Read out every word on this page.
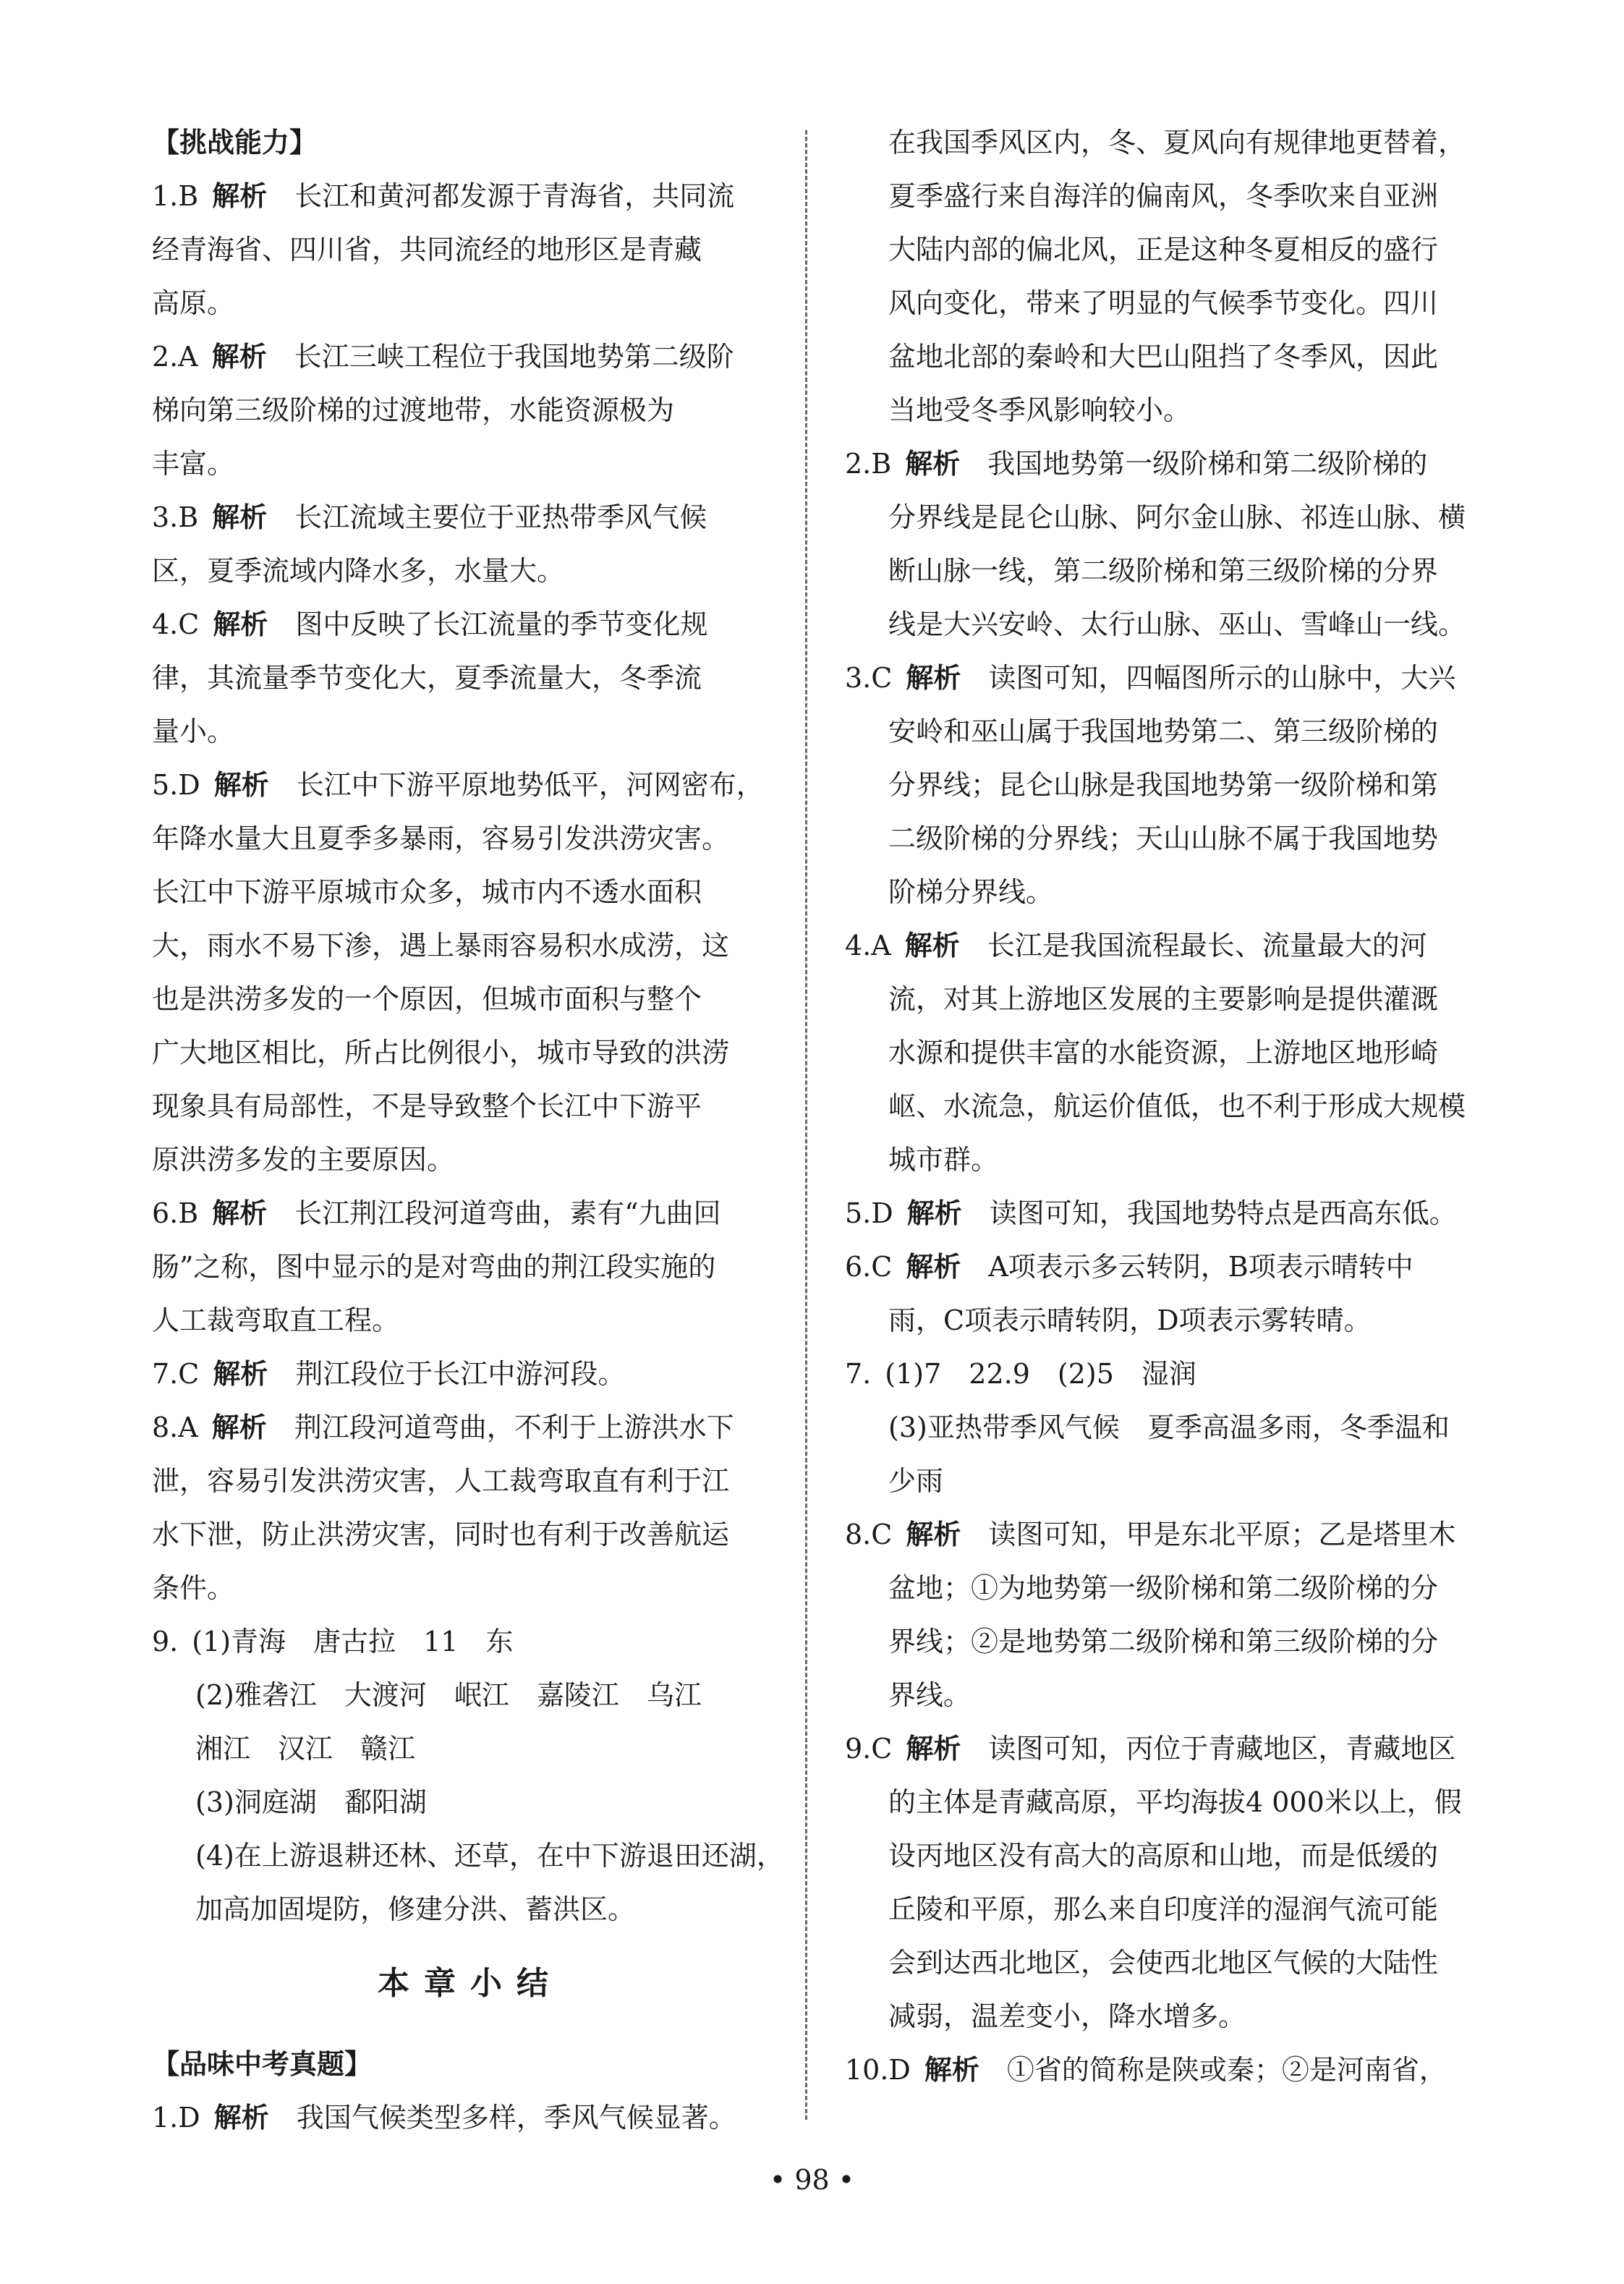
【挑战能力】
1.B  解析  长江和黄河都发源于青海省，共同流
经青海省、四川省，共同流经的地形区是青藏
高原。
2.A  解析  长江三峡工程位于我国地势第二级阶
梯向第三级阶梯的过渡地带，水能资源极为
丰富。
3.B  解析  长江流域主要位于亚热带季风气候
区，夏季流域内降水多，水量大。
4.C  解析  图中反映了长江流量的季节变化规
律，其流量季节变化大，夏季流量大，冬季流
量小。
5.D  解析  长江中下游平原地势低平，河网密布，
年降水量大且夏季多暴雨，容易引发洪涝灾害。
长江中下游平原城市众多，城市内不透水面积
大，雨水不易下渗，遇上暴雨容易积水成涝，这
也是洪涝多发的一个原因，但城市面积与整个
广大地区相比，所占比例很小，城市导致的洪涝
现象具有局部性，不是导致整个长江中下游平
原洪涝多发的主要原因。
6.B  解析  长江荆江段河道弯曲，素有“九曲回
肠”之称，图中显示的是对弯曲的荆江段实施的
人工裁弯取直工程。
7.C  解析  荆江段位于长江中游河段。
8.A  解析  荆江段河道弯曲，不利于上游洪水下
泄，容易引发洪涝灾害，人工裁弯取直有利于江
水下泄，防止洪涝灾害，同时也有利于改善航运
条件。
9.  (1)青海　唐古拉　11　东
(2)雅砻江　大渡河　岷江　嘉陵江　乌江
湘江　汉江　赣江
(3)洞庭湖　鄱阳湖
(4)在上游退耕还林、还草，在中下游退田还湖，
加高加固堤防，修建分洪、蓄洪区。
本章小结
【品味中考真题】
1.D  解析  我国气候类型多样，季风气候显著。
在我国季风区内，冬、夏风向有规律地更替着，
夏季盛行来自海洋的偏南风，冬季吹来自亚洲
大陆内部的偏北风，正是这种冬夏相反的盛行
风向变化，带来了明显的气候季节变化。四川
盆地北部的秦岭和大巴山阻挡了冬季风，因此
当地受冬季风影响较小。
2.B  解析  我国地势第一级阶梯和第二级阶梯的
分界线是昆仑山脉、阿尔金山脉、祁连山脉、横
断山脉一线，第二级阶梯和第三级阶梯的分界
线是大兴安岭、太行山脉、巫山、雪峰山一线。
3.C  解析  读图可知，四幅图所示的山脉中，大兴
安岭和巫山属于我国地势第二、第三级阶梯的
分界线；昆仑山脉是我国地势第一级阶梯和第
二级阶梯的分界线；天山山脉不属于我国地势
阶梯分界线。
4.A  解析  长江是我国流程最长、流量最大的河
流，对其上游地区发展的主要影响是提供灌溉
水源和提供丰富的水能资源，上游地区地形崎
岖、水流急，航运价值低，也不利于形成大规模
城市群。
5.D  解析  读图可知，我国地势特点是西高东低。
6.C  解析  A项表示多云转阴，B项表示晴转中
雨，C项表示晴转阴，D项表示雾转晴。
7.  (1)7　22.9　(2)5　湿润
(3)亚热带季风气候　夏季高温多雨，冬季温和
少雨
8.C  解析  读图可知，甲是东北平原；乙是塔里木
盆地；①为地势第一级阶梯和第二级阶梯的分
界线；②是地势第二级阶梯和第三级阶梯的分
界线。
9.C  解析  读图可知，丙位于青藏地区，青藏地区
的主体是青藏高原，平均海拔4 000米以上，假
设丙地区没有高大的高原和山地，而是低缓的
丘陵和平原，那么来自印度洋的湿润气流可能
会到达西北地区，会使西北地区气候的大陆性
减弱，温差变小，降水增多。
10.D  解析  ①省的简称是陕或秦；②是河南省，
• 98 •
